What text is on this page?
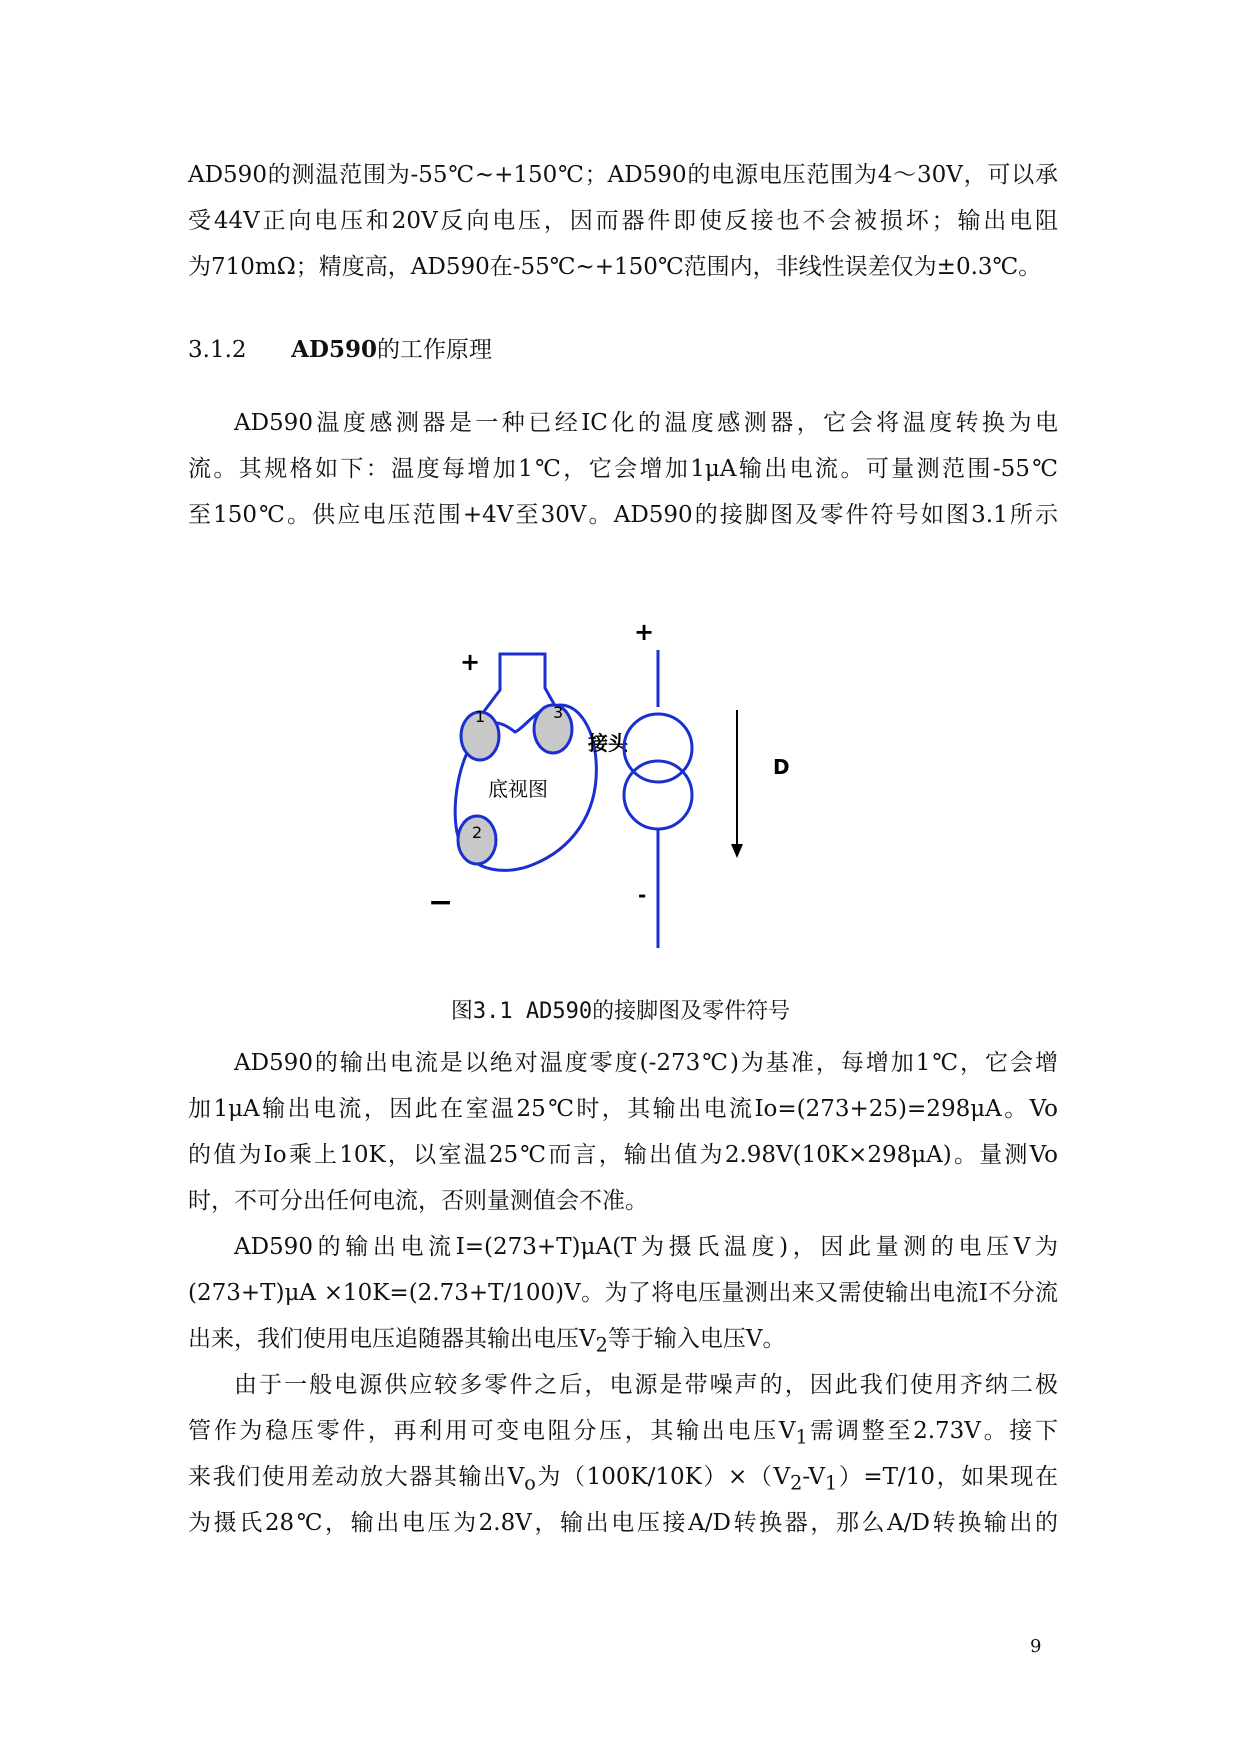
AD590的测温范围为-55℃~+150℃；AD590的电源电压范围为4～30V，可以承
受44V正向电压和20V反向电压，因而器件即使反接也不会被损坏；输出电阻
为710mΩ；精度高，AD590在-55℃~+150℃范围内，非线性误差仅为±0.3℃。
3.1.2 AD590的工作原理
AD590温度感测器是一种已经IC化的温度感测器，它会将温度转换为电
流。其规格如下：温度每增加1℃，它会增加1μA输出电流。可量测范围-55℃
至150℃。供应电压范围+4V至30V。AD590的接脚图及零件符号如图3.1所示
+
1	3
2
底视图
接头
−
+
-
D
图3.1 AD590的接脚图及零件符号
AD590的输出电流是以绝对温度零度(-273℃)为基准，每增加1℃，它会增
加1μA输出电流，因此在室温25℃时，其输出电流Io=(273+25)=298μA。Vo
的值为Io乘上10K，以室温25℃而言，输出值为2.98V(10K×298μA)。量测Vo
时，不可分出任何电流，否则量测值会不准。
AD590的输出电流I=(273+T)μA(T为摄氏温度)，因此量测的电压V为
(273+T)μA ×10K=(2.73+T/100)V。为了将电压量测出来又需使输出电流I不分流
出来，我们使用电压追随器其输出电压$V_2$等于输入电压V。
由于一般电源供应较多零件之后，电源是带噪声的，因此我们使用齐纳二极
管作为稳压零件，再利用可变电阻分压，其输出电压$V_1$需调整至2.73V。接下
来我们使用差动放大器其输出$V_o$为$(100K/10K)\times(V_2-V_1)=T/10$，如果现在
为摄氏28℃，输出电压为2.8V，输出电压接A/D转换器，那么A/D转换输出的
9
